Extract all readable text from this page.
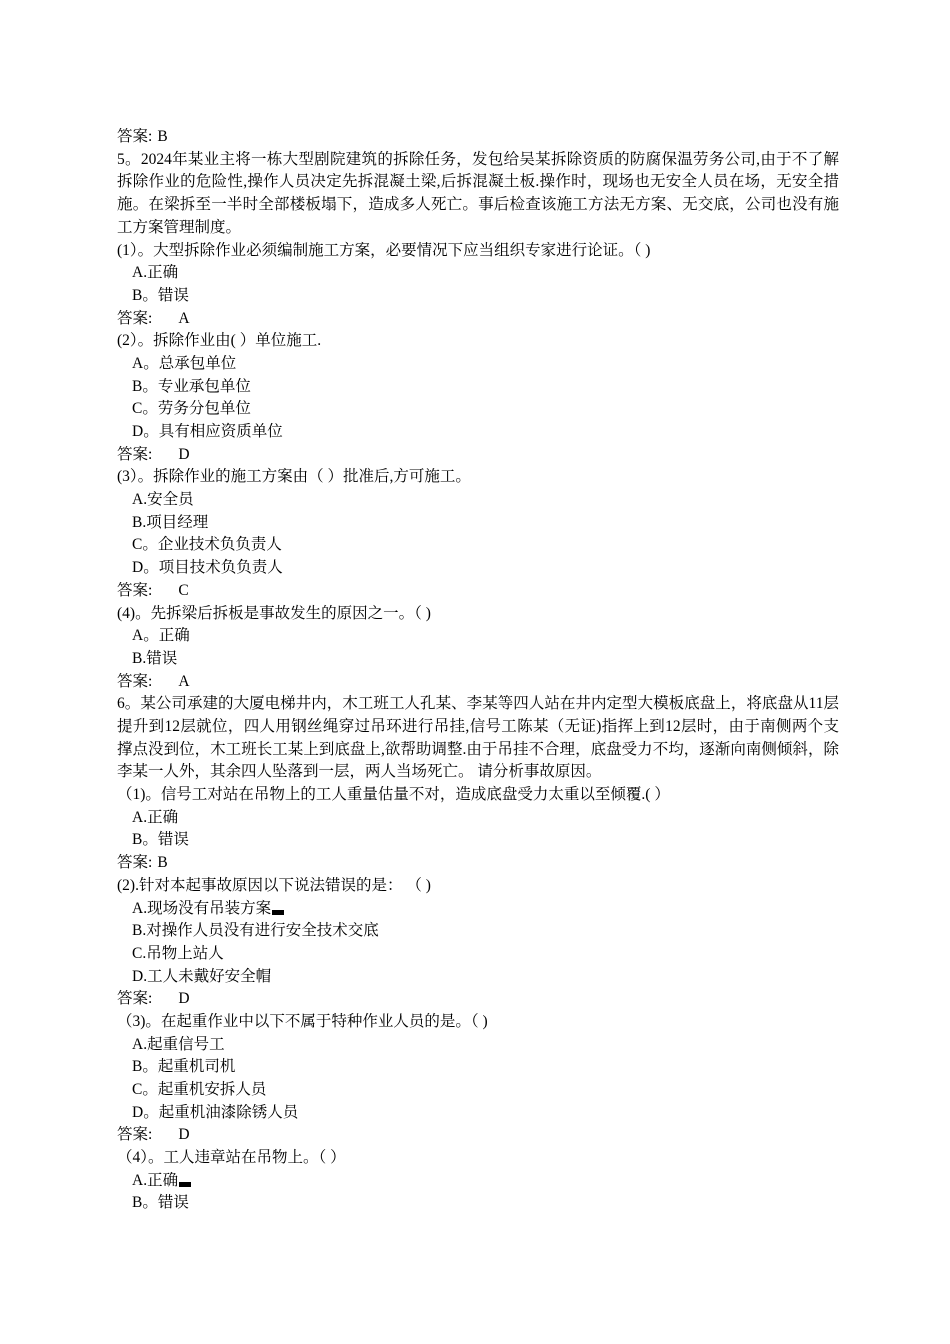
答案: B
5。2024年某业主将一栋大型剧院建筑的拆除任务，发包给吴某拆除资质的防腐保温劳务公司,由于不了解拆除作业的危险性,操作人员决定先拆混凝土梁,后拆混凝土板.操作时，现场也无安全人员在场，无安全措施。在梁拆至一半时全部楼板塌下，造成多人死亡。事后检查该施工方法无方案、无交底，公司也没有施工方案管理制度。
(1）。大型拆除作业必须编制施工方案，必要情况下应当组织专家进行论证。（ )
A.正确
B。错误
答案: A
(2）。拆除作业由( ）单位施工.
A。总承包单位
B。专业承包单位
C。劳务分包单位
D。具有相应资质单位
答案: D
(3）。拆除作业的施工方案由（ ）批准后,方可施工。
A.安全员
B.项目经理
C。企业技术负负责人
D。项目技术负负责人
答案: C
(4)。先拆梁后拆板是事故发生的原因之一。（ )
A。正确
B.错误
答案: A
6。某公司承建的大厦电梯井内，木工班工人孔某、李某等四人站在井内定型大模板底盘上，将底盘从11层提升到12层就位，四人用钢丝绳穿过吊环进行吊挂,信号工陈某（无证)指挥上到12层时，由于南侧两个支撑点没到位，木工班长工某上到底盘上,欲帮助调整.由于吊挂不合理，底盘受力不均，逐渐向南侧倾斜，除李某一人外，其余四人坠落到一层，两人当场死亡。 请分析事故原因。
（1)。信号工对站在吊物上的工人重量估量不对，造成底盘受力太重以至倾覆.( ）
A.正确
B。错误
答案: B
(2).针对本起事故原因以下说法错误的是： （ )
A.现场没有吊装方案
B.对操作人员没有进行安全技术交底
C.吊物上站人
D.工人未戴好安全帽
答案: D
（3)。在起重作业中以下不属于特种作业人员的是。（ )
A.起重信号工
B。起重机司机
C。起重机安拆人员
D。起重机油漆除锈人员
答案: D
（4）。工人违章站在吊物上。（ ）
A.正确
B。错误
